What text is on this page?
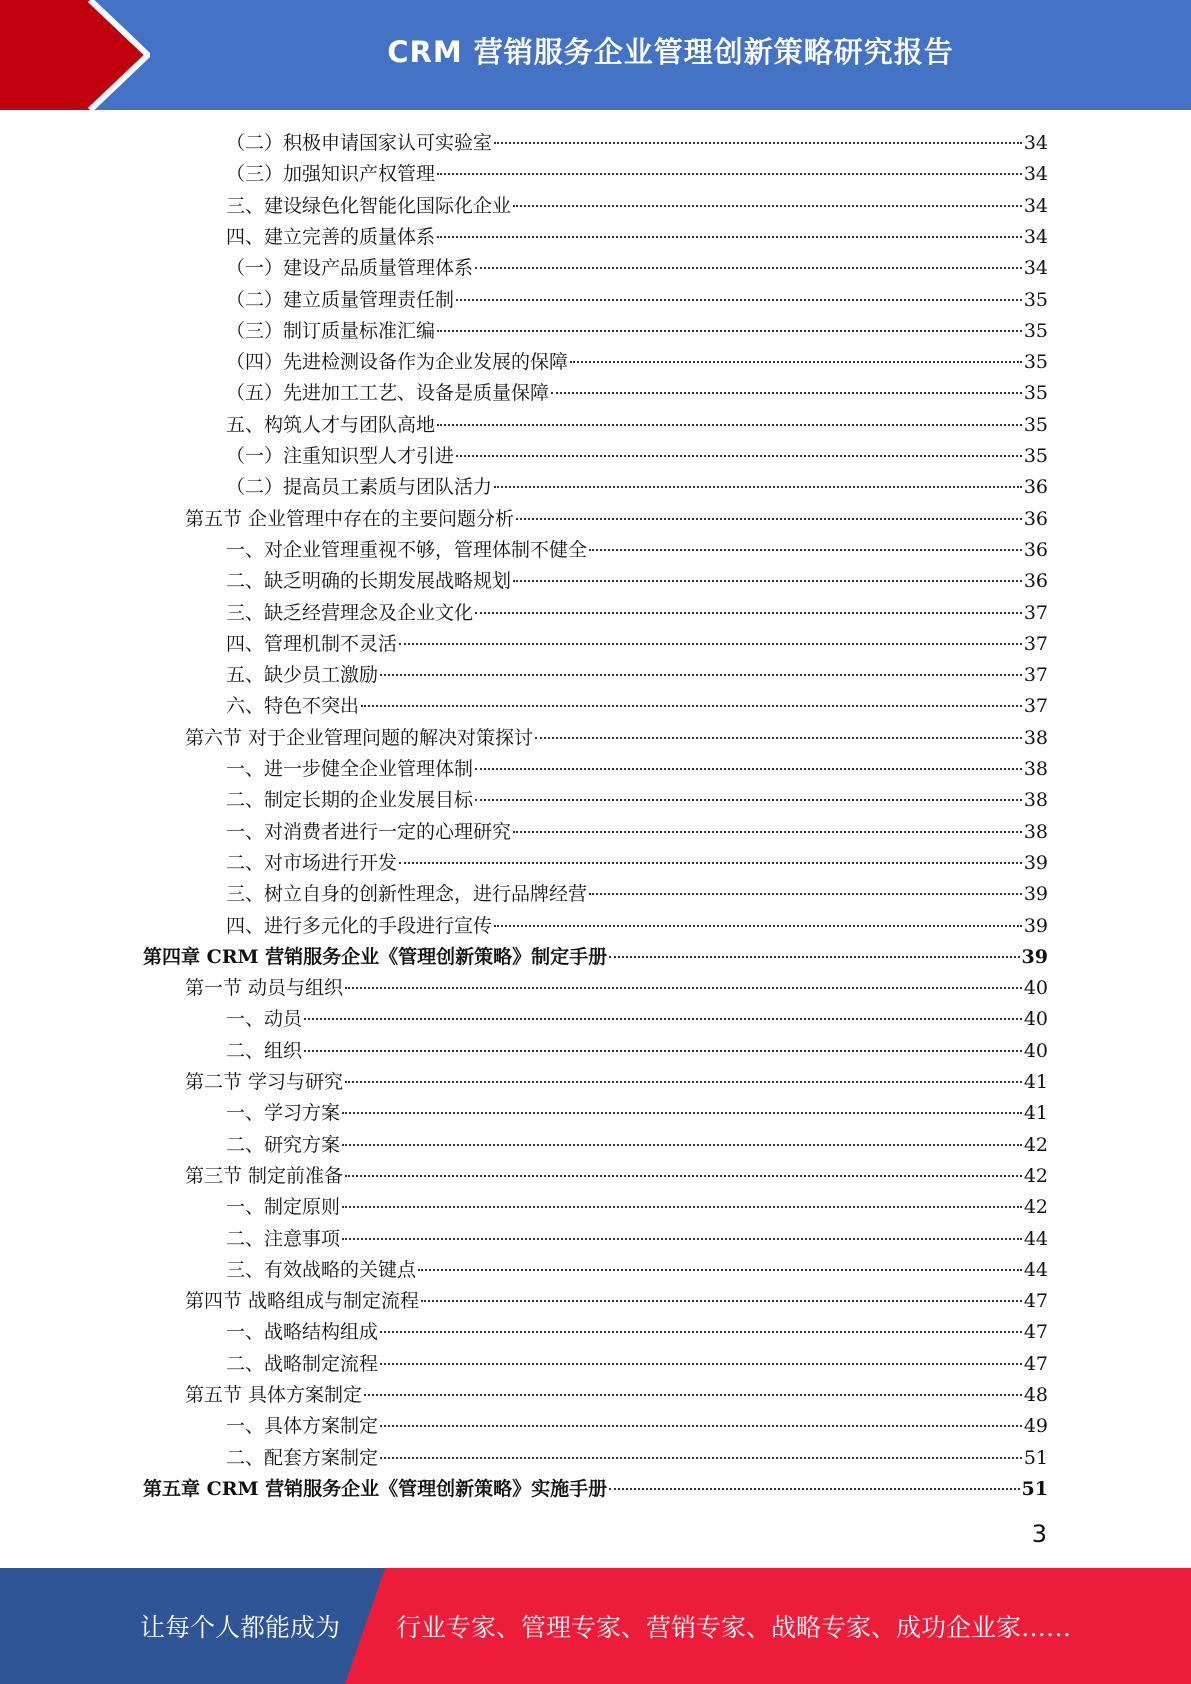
CRM 营销服务企业管理创新策略研究报告
（二）积极申请国家认可实验室	34
（三）加强知识产权管理	34
三、建设绿色化智能化国际化企业	34
四、建立完善的质量体系	34
（一）建设产品质量管理体系	34
（二）建立质量管理责任制	35
（三）制订质量标准汇编	35
（四）先进检测设备作为企业发展的保障	35
（五）先进加工工艺、设备是质量保障	35
五、构筑人才与团队高地	35
（一）注重知识型人才引进	35
（二）提高员工素质与团队活力	36
第五节 企业管理中存在的主要问题分析	36
一、对企业管理重视不够，管理体制不健全	36
二、缺乏明确的长期发展战略规划	36
三、缺乏经营理念及企业文化	37
四、管理机制不灵活	37
五、缺少员工激励	37
六、特色不突出	37
第六节 对于企业管理问题的解决对策探讨	38
一、进一步健全企业管理体制	38
二、制定长期的企业发展目标	38
一、对消费者进行一定的心理研究	38
二、对市场进行开发	39
三、树立自身的创新性理念，进行品牌经营	39
四、进行多元化的手段进行宣传	39
第四章 CRM 营销服务企业《管理创新策略》制定手册	39
第一节 动员与组织	40
一、动员	40
二、组织	40
第二节 学习与研究	41
一、学习方案	41
二、研究方案	42
第三节 制定前准备	42
一、制定原则	42
二、注意事项	44
三、有效战略的关键点	44
第四节 战略组成与制定流程	47
一、战略结构组成	47
二、战略制定流程	47
第五节 具体方案制定	48
一、具体方案制定	49
二、配套方案制定	51
第五章 CRM 营销服务企业《管理创新策略》实施手册	51
3
让每个人都能成为 行业专家、管理专家、营销专家、战略专家、成功企业家……
